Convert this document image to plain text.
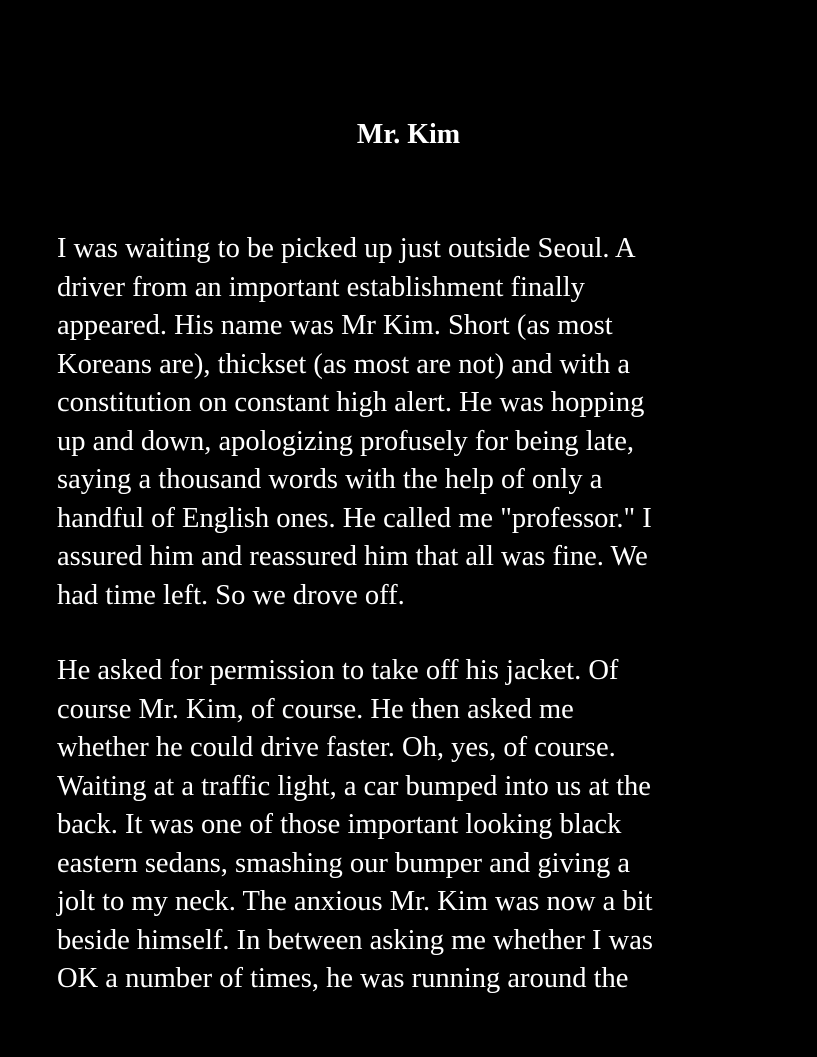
Mr. Kim
I was waiting to be picked up just outside Seoul. A
driver from an important establishment finally
appeared. His name was Mr Kim. Short (as most
Koreans are), thickset (as most are not) and with a
constitution on constant high alert. He was hopping
up and down, apologizing profusely for being late,
saying a thousand words with the help of only a
handful of English ones. He called me "professor." I
assured him and reassured him that all was fine. We
had time left. So we drove off.
He asked for permission to take off his jacket. Of
course Mr. Kim, of course. He then asked me
whether he could drive faster. Oh, yes, of course.
Waiting at a traffic light, a car bumped into us at the
back. It was one of those important looking black
eastern sedans, smashing our bumper and giving a
jolt to my neck. The anxious Mr. Kim was now a bit
beside himself. In between asking me whether I was
OK a number of times, he was running around the
